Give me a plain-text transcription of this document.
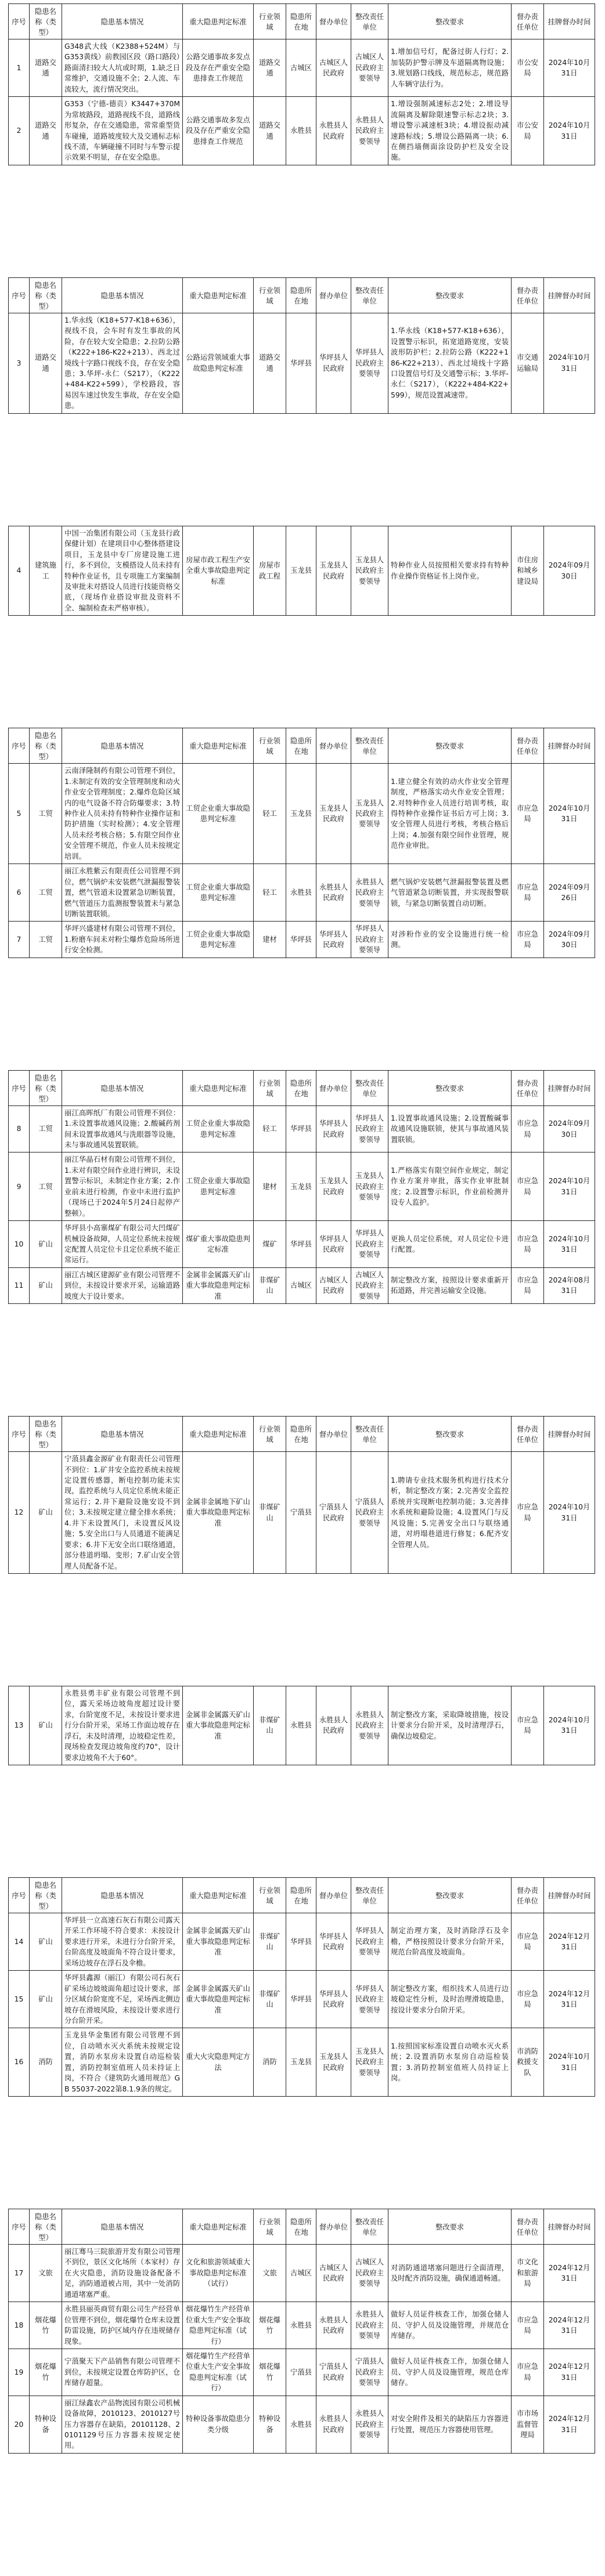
序号	隐患名称（类型）	隐患基本情况	重大隐患判定标准	行业领域	隐患所在地	督办单位	整改责任单位	整改要求	督办责任单位	挂牌督办时间
1	道路交通	G348武大线（K2388+524M）与G353黄线）前教园区段（路口路段）路面清扫较大人坑或时期，1.缺乏日常维护，交通设施不全；2.人流、车流较大，流行情况突出。	公路交通事故多发点段及存在严重安全隐患排查工作规范	道路交通	古城区	古城区人民政府	古城区人民政府主要领导	1.增加信号灯，配备过街人行灯；2.加装防护警示牌及车道隔离物设施；3.规划路口线线，规范标志，规范路人车辆守法行为。	市公安局	2024年10月31日
2	道路交通	G353（宁德-德贡）K3447+370M为常坡路段，道路视线不良，道路线形复杂，存在交通隐患，常常重型货车碰撞，道路坡度较大及交通标志标线不清，车辆碰撞不同时与车警示提示效果不明显，存在安全隐患。	公路交通事故多发点段及存在严重安全隐患排查工作规范	道路交通	永胜县	永胜县人民政府	永胜县人民政府主要领导	1.增设强制减速标志2处；2.增设导流隔离及解除限速警示标志2块；3.增设警示减速桩3块；4.增设振动减速路标线；5.增设公路隔离一块；6.在侧挡墙侧面涂设防护栏及安全设施。	市公安局	2024年10月31日
序号	隐患名称（类型）	隐患基本情况	重大隐患判定标准	行业领域	隐患所在地	督办单位	整改责任单位	整改要求	督办责任单位	挂牌督办时间
3	道路交通	1.华永线（K18+577-K18+636），视线不良，会车时有发生事故的风险，存在较大安全隐患；2.拉防公路（K222+186-K22+213）、西北过境线十字路口视线不良，存在安全隐患；3.华坪-永仁（S217），（K222+484-K22+599），学校路段，容易因车速过快发生事故，存在安全隐患。	公路运营领域重大事故隐患判定标准	道路交通	华坪县	华坪县人民政府	华坪县人民政府主要领导	1.华永线（K18+577-K18+636），设置警示标识，拓宽道路宽度，安装波形防护栏；2.拉防公路（K222+186-K22+213）、西北过境线十字路口设置信号灯及交通警示标；3.华坪-永仁（S217），（K222+484-K22+599），规范设置减速带。	市交通运输局	2024年10月31日
4	建筑施工	中国一冶集团有限公司（玉龙县行政保健计划）在建项目中心整体搭建设项目，玉龙县中专厂房建设施工进行，多不到位，支模搭设人员未持有特种作业证书，且专项施工方案编制及审批未对搭设人员进行技能资格交底，（现场作业搭设审批及资料不全、编制检查未严格审核）。	房屋市政工程生产安全重大事故隐患判定标准	房屋市政工程	玉龙县	玉龙县人民政府	玉龙县人民政府主要领导	特种作业人员按照相关要求持有特种作业操作资格证书上岗作业。	市住房和城乡建设局	2024年09月30日
序号	隐患名称（类型）	隐患基本情况	重大隐患判定标准	行业领域	隐患所在地	督办单位	整改责任单位	整改要求	督办责任单位	挂牌督办时间
5	工贸	云南泽隆制药有限公司管理不到位，1.未制定有效的安全管理制度和动火作业安全管理制度；2.爆炸危险区域内的电气设备不符合防爆要求；3.特种作业人员未持有特种作业操作证和防护措施（实时检测）；4.安全管理人员未经考核合格；5.有限空间作业安全管理不规范，作业人员未按规定培训。	工贸企业重大事故隐患判定标准	轻工	玉龙县	玉龙县人民政府	玉龙县人民政府主要领导	1.建立健全有效的动火作业安全管理制度，严格落实动火作业安全管理；2.对特种作业人员进行培训考核，取得特种作业操作证书后方可上岗；3.安全管理人员进行考核，考核合格后上岗；4.加强有限空间作业管理，规范作业审批。	市应急局	2024年10月31日
6	工贸	丽江永胜紫云有限责任公司管理不到位，燃气锅炉未安装燃气泄漏报警装置，燃气管道未设置紧急切断装置，燃气管道压力监测报警装置未与紧急切断装置联锁。	工贸企业重大事故隐患判定标准	轻工	永胜县	永胜县人民政府	永胜县人民政府主要领导	燃气锅炉安装燃气泄漏报警装置及燃气管道紧急切断装置，并实现报警联锁，与紧急切断装置自动切断。	市应急局	2024年09月26日
7	工贸	华坪兴盛建材有限公司管理不到位，1.粉磨车间未对粉尘爆炸危险场所进行安全检测。	工贸企业重大事故隐患判定标准	建材	华坪县	华坪县人民政府	华坪县人民政府主要领导	对涉粉作业的安全设施进行统一检测。	市应急局	2024年09月30日
序号	隐患名称（类型）	隐患基本情况	重大隐患判定标准	行业领域	隐患所在地	督办单位	整改责任单位	整改要求	督办责任单位	挂牌督办时间
8	工贸	丽江高晖纸厂有限公司管理不到位：1.未设置事故通风设施；2.酸碱药剂间未设置事故通风与洗眼器等设施，未与事故通风装置联锁。	工贸企业重大事故隐患判定标准	轻工	华坪县	华坪县人民政府	华坪县人民政府主要领导	1.设置事故通风设施；2.设置酸碱事故通风设施联锁，使其与事故通风装置联锁。	市应急局	2024年09月30日
9	工贸	丽江华晶石材有限公司管理不到位，1.未对有限空间作业进行辨识，未设置警示标识，未制定作业方案；2.作业前未进行检测，作业中未进行监护（现场已于2024年5月24日起停产整顿）。	工贸企业重大事故隐患判定标准	建材	玉龙县	玉龙县人民政府	玉龙县人民政府主要领导	1.严格落实有限空间作业规定，制定作业方案并审批，落实作业审批制度；2.设置警示标识，作业前检测并设专人监护。	市应急局	2024年10月31日
10	矿山	华坪县小高寨煤矿有限公司大凹煤矿机械设备故障，人员定位系统未按规定配置人员定位卡且定位系统不能正常运行。	煤矿重大事故隐患判定标准	煤矿	华坪县	华坪县人民政府	华坪县人民政府主要领导	更换人员定位系统，对人员定位卡进行配置。	市应急局	2024年10月31日
11	矿山	丽江古城区建源矿业有限公司管理不到位，未按设计要求开采，运输道路坡度大于设计要求。	金属非金属露天矿山重大事故隐患判定标准	非煤矿山	古城区	古城区人民政府	古城区人民政府主要领导	制定整改方案，按照设计要求重新开拓道路，并完善运输安全设施。	市应急局	2024年08月31日
序号	隐患名称（类型）	隐患基本情况	重大隐患判定标准	行业领域	隐患所在地	督办单位	整改责任单位	整改要求	督办责任单位	挂牌督办时间
12	矿山	宁蒗县鑫金源矿业有限责任公司管理不到位：1.矿井安全监控系统未按规定设置传感器，断电控制功能未实现，监控系统与人员定位系统未能正常运行；2.井下避险设施安设不到位；3.未按规定建立健全排水系统；4.井下未设置风门，未设置反风设施；5.安全出口与人员通道不能满足要求；6.井下无安全出口联络通道，部分巷道坍塌、变形；7.矿山安全管理人员配备不足。	金属非金属地下矿山重大事故隐患判定标准	非煤矿山	宁蒗县	宁蒗县人民政府	宁蒗县人民政府主要领导	1.聘请专业技术服务机构进行技术分析，制定整改方案；2.完善安全监控系统并实现断电控制功能；3.完善排水系统和避险设施；4.设置风门与反风设施；5.完善安全出口与联络通道，对坍塌巷道进行修复；6.配齐安全管理人员。	市应急局	2024年10月31日
13	矿山	永胜县勇丰矿业有限公司管理不到位，露天采场边坡角度超过设计要求，台阶宽度不足，未按设计要求进行分台阶开采，采场工作面边坡存在浮石，未及时清理，边坡稳定性差，现场检查发现边坡角度约70°，设计要求边坡角不大于60°。	金属非金属露天矿山重大事故隐患判定标准	非煤矿山	永胜县	永胜县人民政府	永胜县人民政府主要领导	制定整改方案，采取降坡措施，按设计要求分台阶开采，及时清理浮石，确保边坡稳定。	市应急局	2024年10月31日
序号	隐患名称（类型）	隐患基本情况	重大隐患判定标准	行业领域	隐患所在地	督办单位	整改责任单位	整改要求	督办责任单位	挂牌督办时间
14	矿山	华坪县一立高速石灰石有限公司露天开采工作环境不符合要求：未按设计要求进行开采，未进行分台阶开采，台阶高度及坡面角不符合设计要求，采场边坡存在浮石及伞檐。	金属非金属露天矿山重大事故隐患判定标准	非煤矿山	华坪县	华坪县人民政府	华坪县人民政府主要领导	制定治理方案，及时消除浮石及伞檐，严格按照设计要求分台阶开采，规范台阶高度及坡面角。	市应急局	2024年12月31日
15	矿山	华坪县鑫源（丽江）有限公司石灰石矿采场边坡坡面角超过设计要求，部分区域台阶宽度不足，采场西北侧边坡存在滑坡风险，未按设计要求进行分台阶开采。	金属非金属露天矿山重大事故隐患判定标准	非煤矿山	华坪县	华坪县人民政府	华坪县人民政府主要领导	制定整改方案，组织技术人员进行边坡稳定性分析，及时治理滑坡隐患，按设计要求分台阶开采。	市应急局	2024年12月31日
16	消防	玉龙县华金集团有限公司管理不到位，自动喷水灭火系统未按规定设置，消防水泵房未设置自动巡检装置，消防控制室值班人员未持证上岗，不符合《建筑防火通用规范》GB 55037-2022第8.1.9条的规定。	重大火灾隐患判定方法	消防	玉龙县	玉龙县人民政府	玉龙县人民政府主要领导	1.按照国家标准设置自动喷水灭火系统；2.设置消防水泵房自动巡检装置；3.消防控制室值班人员持证上岗。	市消防救援支队	2024年10月31日
序号	隐患名称（类型）	隐患基本情况	重大隐患判定标准	行业领域	隐患所在地	督办单位	整改责任单位	整改要求	督办责任单位	挂牌督办时间
17	文旅	丽江骞马三院旅游开发有限公司管理不到位，景区文化场所（本家村）存在火灾隐患，消防设施设备配备不足，消防通道被占用，其中一处消防通道堵塞严重。	文化和旅游领域重大事故隐患判定标准（试行）	文旅	古城区	古城区人民政府	古城区人民政府主要领导	对消防通道堵塞问题进行全面清理，及时配齐消防设施，确保通道畅通。	市文化和旅游局	2024年12月31日
18	烟花爆竹	永胜县丽英商贸有限公司生产经营单位管理不到位，烟花爆竹仓库未设置防雷设施，防护区域内存在违规储存现象。	烟花爆竹生产经营单位重大生产安全事故隐患判定标准（试行）	烟花爆竹	永胜县	永胜县人民政府	永胜县人民政府主要领导	做好人员证件核查工作，加强仓储人员、守护人员及设施管理，并规范仓库储存。	市应急局	2024年12月31日
19	烟花爆竹	宁蒗聚天下产品销售有限公司管理不到位，未按规定设置仓库防护区，仓库储存超量。	烟花爆竹生产经营单位重大生产安全事故隐患判定标准（试行）	烟花爆竹	宁蒗县	宁蒗县人民政府	宁蒗县人民政府主要领导	做好人员证件核查工作，加强仓储人员、守护人员及设施管理，规范仓库储存。	市应急局	2024年12月31日
20	特种设备	丽江绿鑫农产品物流园有限公司机械设备故障，2010123、2010127号压力容器存在缺陷，20101128、20101129号压力容器未按规定使用。	特种设备事故隐患分类分级	特种设备	永胜县	永胜县人民政府	永胜县人民政府主要领导	对安全附件及相关的缺陷压力容器进行处置，规范压力容器使用管理。	市市场监督管理局	2024年12月31日
